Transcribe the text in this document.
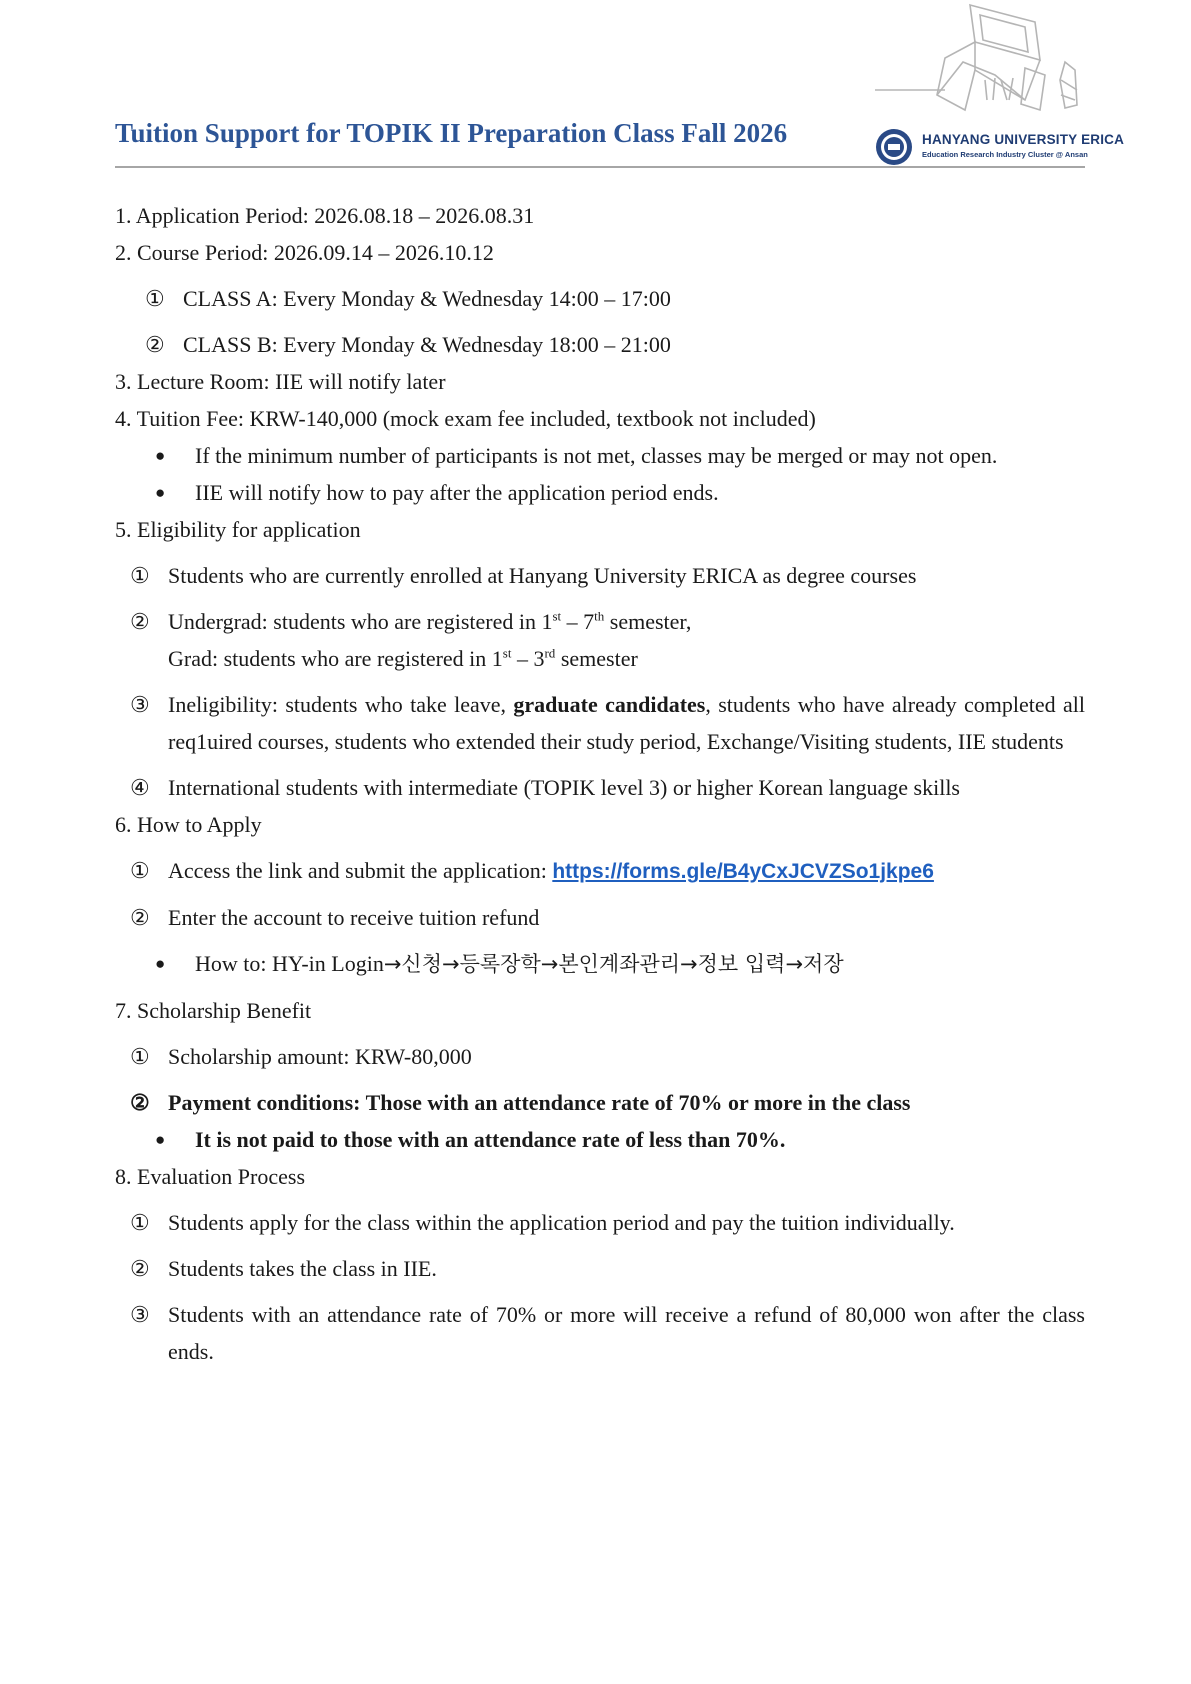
HANYANG UNIVERSITY ERICA
Education Research Industry Cluster @ Ansan
Tuition Support for TOPIK II Preparation Class Fall 2026
1. Application Period: 2026.08.18 – 2026.08.31
2. Course Period: 2026.09.14 – 2026.10.12
① CLASS A: Every Monday & Wednesday 14:00 – 17:00
② CLASS B: Every Monday & Wednesday 18:00 – 21:00
3. Lecture Room: IIE will notify later
4. Tuition Fee: KRW-140,000 (mock exam fee included, textbook not included)
● If the minimum number of participants is not met, classes may be merged or may not open.
● IIE will notify how to pay after the application period ends.
5. Eligibility for application
① Students who are currently enrolled at Hanyang University ERICA as degree courses
② Undergrad: students who are registered in 1st – 7th semester,
Grad: students who are registered in 1st – 3rd semester
③ Ineligibility: students who take leave, graduate candidates, students who have already completed all req1uired courses, students who extended their study period, Exchange/Visiting students, IIE students
④ International students with intermediate (TOPIK level 3) or higher Korean language skills
6. How to Apply
① Access the link and submit the application: https://forms.gle/B4yCxJCVZSo1jkpe6
② Enter the account to receive tuition refund
● How to: HY-in Login→신청→등록장학→본인계좌관리→정보 입력→저장
7. Scholarship Benefit
① Scholarship amount: KRW-80,000
② Payment conditions: Those with an attendance rate of 70% or more in the class
● It is not paid to those with an attendance rate of less than 70%.
8. Evaluation Process
① Students apply for the class within the application period and pay the tuition individually.
② Students takes the class in IIE.
③ Students with an attendance rate of 70% or more will receive a refund of 80,000 won after the class ends.
